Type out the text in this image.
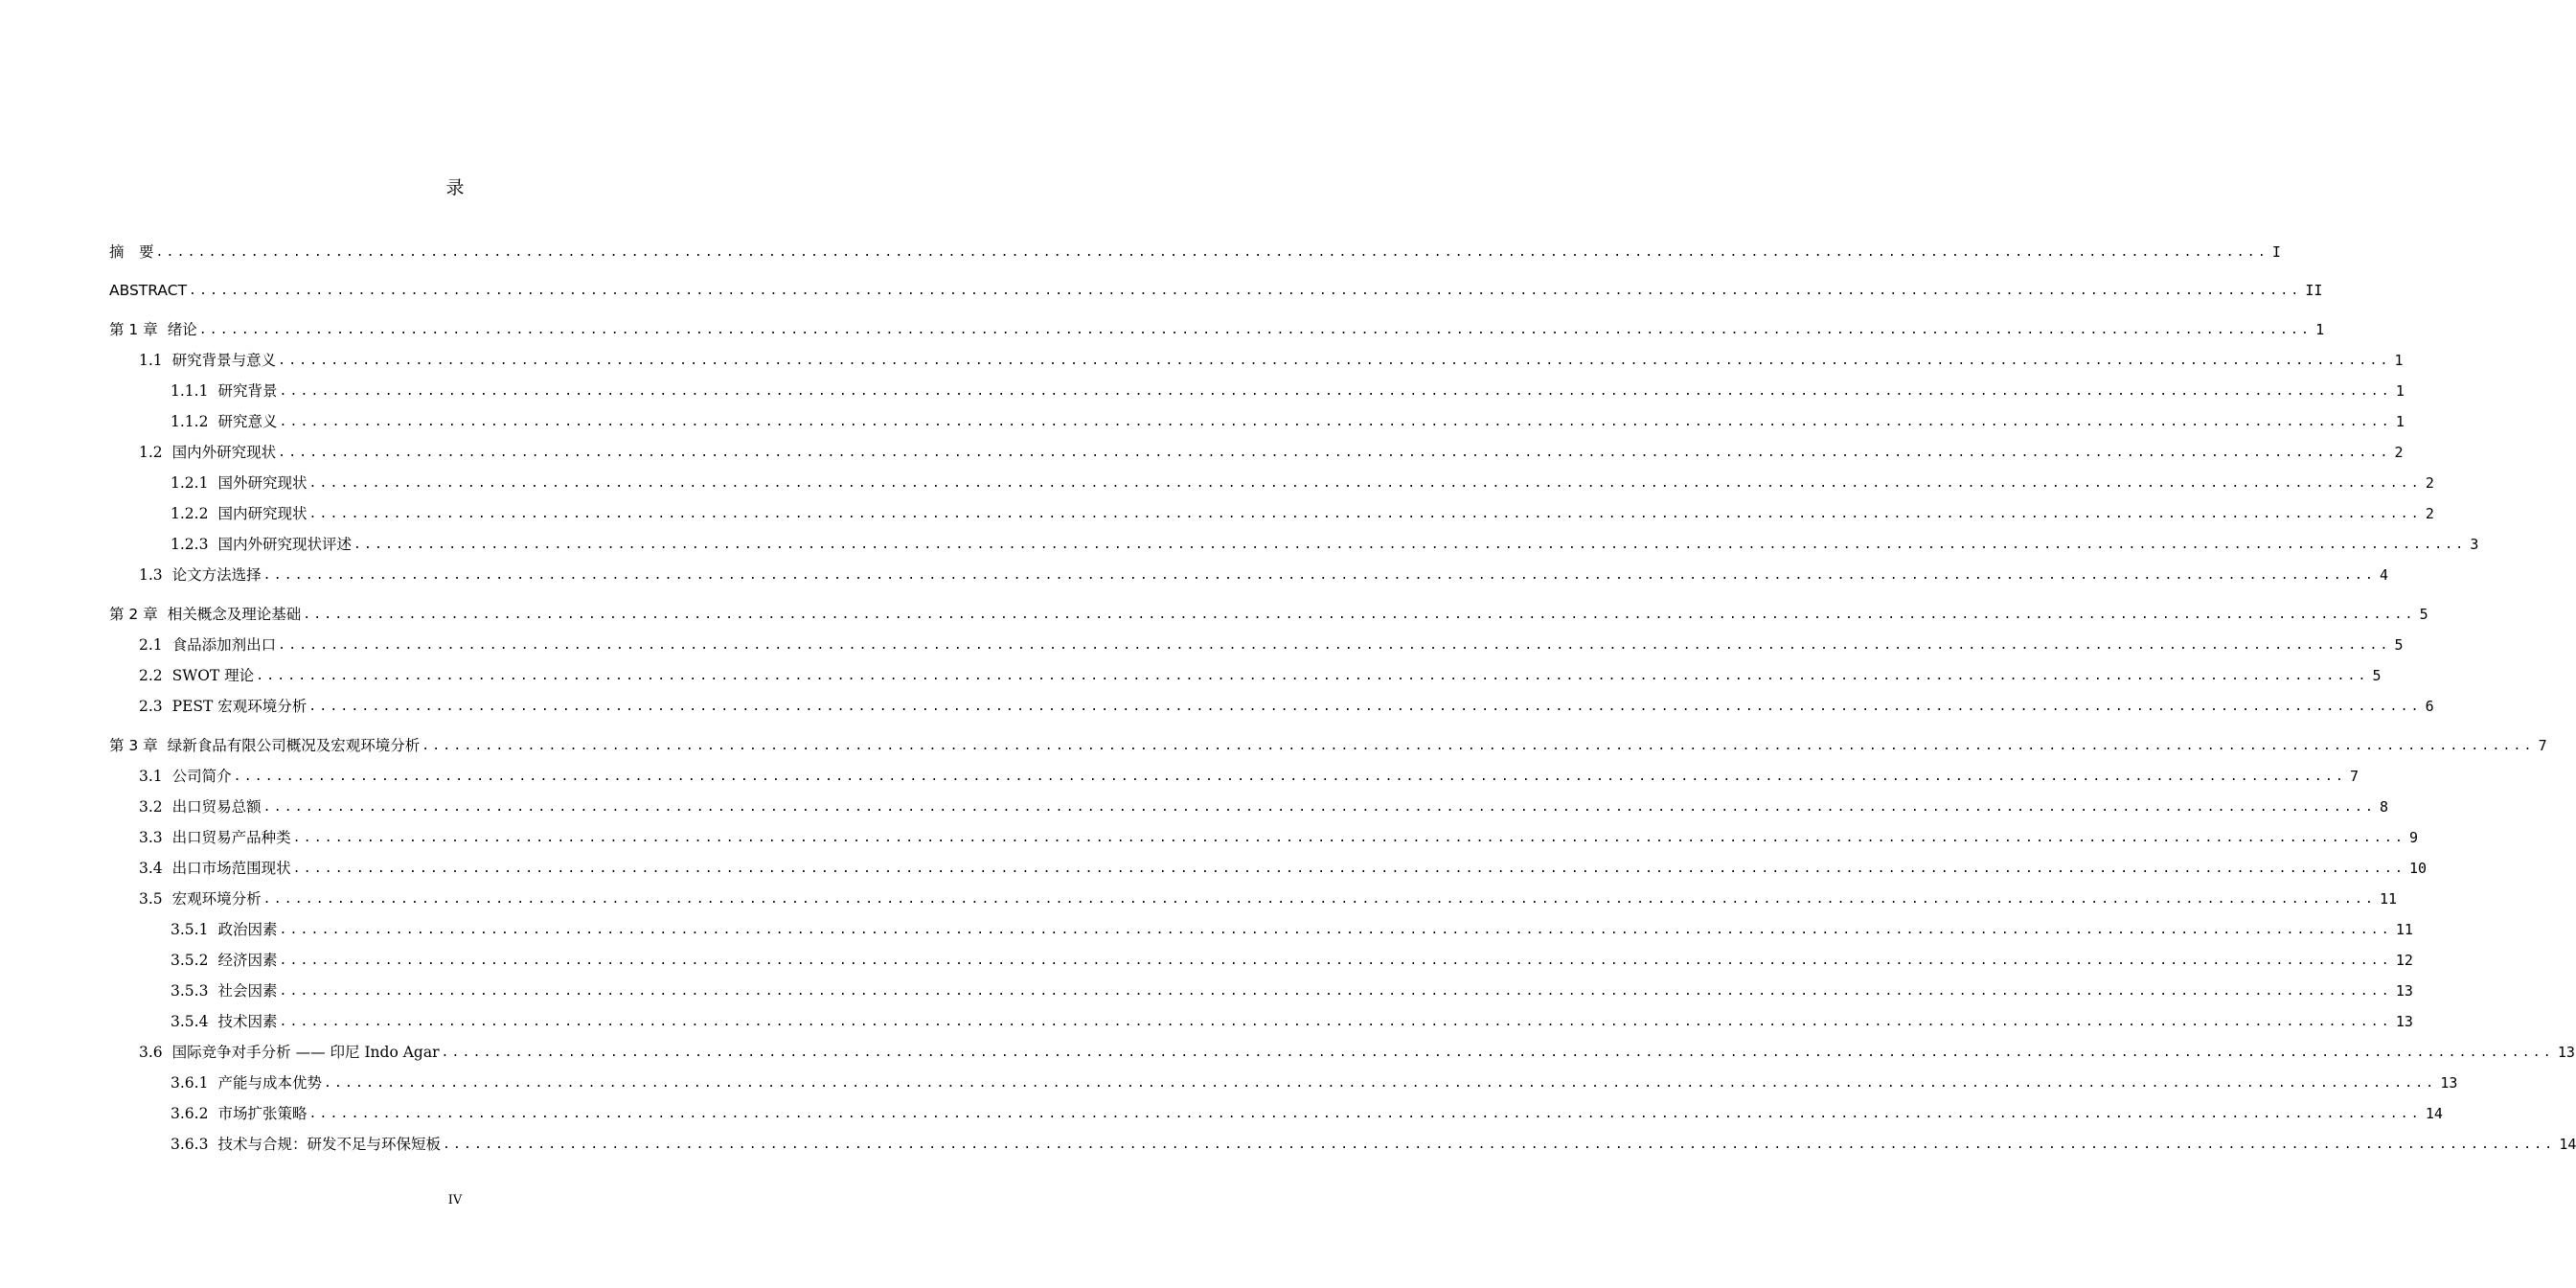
录
摘　要 ........................................................................................................................................................................................................ I
ABSTRACT ........................................................................................................................................................................................................ II
第 1 章 绪论 ........................................................................................................................................................................................................ 1
1.1 研究背景与意义 ........................................................................................................................................................................................................ 1
1.1.1 研究背景 ........................................................................................................................................................................................................ 1
1.1.2 研究意义 ........................................................................................................................................................................................................ 1
1.2 国内外研究现状 ........................................................................................................................................................................................................ 2
1.2.1 国外研究现状 ........................................................................................................................................................................................................ 2
1.2.2 国内研究现状 ........................................................................................................................................................................................................ 2
1.2.3 国内外研究现状评述 ........................................................................................................................................................................................................ 3
1.3 论文方法选择 ........................................................................................................................................................................................................ 4
第 2 章 相关概念及理论基础 ........................................................................................................................................................................................................ 5
2.1 食品添加剂出口 ........................................................................................................................................................................................................ 5
2.2 SWOT 理论 ........................................................................................................................................................................................................ 5
2.3 PEST 宏观环境分析 ........................................................................................................................................................................................................ 6
第 3 章 绿新食品有限公司概况及宏观环境分析 ........................................................................................................................................................................................................ 7
3.1 公司简介 ........................................................................................................................................................................................................ 7
3.2 出口贸易总额 ........................................................................................................................................................................................................ 8
3.3 出口贸易产品种类 ........................................................................................................................................................................................................ 9
3.4 出口市场范围现状 ........................................................................................................................................................................................................ 10
3.5 宏观环境分析 ........................................................................................................................................................................................................ 11
3.5.1 政治因素 ........................................................................................................................................................................................................ 11
3.5.2 经济因素 ........................................................................................................................................................................................................ 12
3.5.3 社会因素 ........................................................................................................................................................................................................ 13
3.5.4 技术因素 ........................................................................................................................................................................................................ 13
3.6 国际竞争对手分析 —— 印尼 Indo Agar ........................................................................................................................................................................................................ 13
3.6.1 产能与成本优势 ........................................................................................................................................................................................................ 13
3.6.2 市场扩张策略 ........................................................................................................................................................................................................ 14
3.6.3 技术与合规：研发不足与环保短板 ........................................................................................................................................................................................................ 14
IV
